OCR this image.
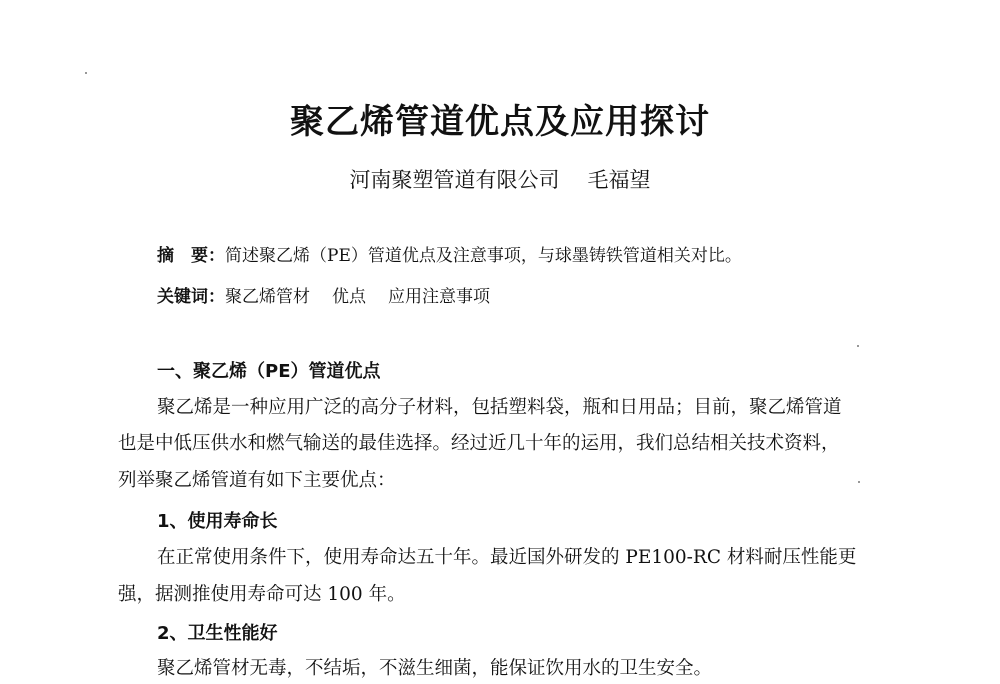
聚乙烯管道优点及应用探讨
河南聚塑管道有限公司 毛福望
摘　要：简述聚乙烯（PE）管道优点及注意事项，与球墨铸铁管道相关对比。
关键词：聚乙烯管材 优点 应用注意事项
一、聚乙烯（PE）管道优点
聚乙烯是一种应用广泛的高分子材料，包括塑料袋，瓶和日用品；目前，聚乙烯管道
也是中低压供水和燃气输送的最佳选择。经过近几十年的运用，我们总结相关技术资料，
列举聚乙烯管道有如下主要优点：
1、使用寿命长
在正常使用条件下，使用寿命达五十年。最近国外研发的 PE100-RC 材料耐压性能更
强，据测推使用寿命可达 100 年。
2、卫生性能好
聚乙烯管材无毒，不结垢，不滋生细菌，能保证饮用水的卫生安全。
